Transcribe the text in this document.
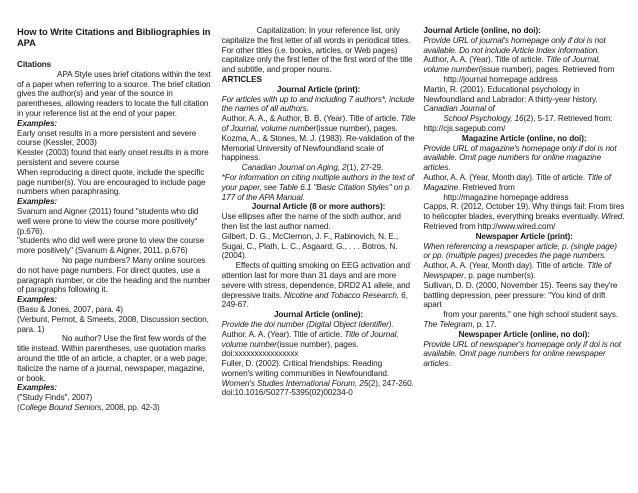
How to Write Citations and Bibliographies in APA

Citations

APA Style uses brief citations within the text of a paper when referring to a source. The brief citation gives the author(s) and year of the source in parentheses, allowing readers to locate the full citation in your reference list at the end of your paper.

Examples:

Early onset results in a more persistent and severe course (Kessler, 2003)

Kessler (2003) found that early onset results in a more persistent and severe course

When reproducing a direct quote, include the specific page number(s). You are encouraged to include page numbers when paraphrasing.

Examples:

Svanum and Aigner (2011) found "students who did well were prone to view the course more positively" (p.676).

"students who did well were prone to view the course more positively" (Svanum & Aigner, 2011, p.676)

No page numbers? Many online sources do not have page numbers. For direct quotes, use a paragraph number, or cite the heading and the number of paragraphs following it.

Examples:

(Basu & Jones, 2007, para. 4)

(Verbunt, Pernot, & Smeets, 2008, Discussion section, para. 1)

No author? Use the first few words of the title instead. Within parentheses, use quotation marks around the title of an article, a chapter, or a web page; Italicize the name of a journal, newspaper, magazine, or book.

Examples:

("Study Finds", 2007)

(College Bound Seniors, 2008, pp. 42-3)

Capitalization: In your reference list, only capitalize the first letter of all words in periodical titles. For other titles (i.e. books, articles, or Web pages) capitalize only the first letter of the first word of the title and subtitle, and proper nouns.

ARTICLES

Journal Article (print):

For articles with up to and including 7 authors*, include the names of all authors.

Author, A. A., & Author, B. B. (Year). Title of article. Title of Journal, volume number(issue number), pages.

Kozma, A., & Stones, M. J. (1983). Re-validation of the Memorial University of Newfoundland scale of happiness.

Canadian Journal on Aging, 2(1), 27-29.

*For information on citing multiple authors in the text of your paper, see Table 6.1 "Basic Citation Styles" on p. 177 of the APA Manual.

Journal Article (8 or more authors):

Use ellipses after the name of the sixth author, and then list the last author named.

Gilbert, D. G., McClernon, J. F., Rabinovich, N. E., Sugai, C., Plath, L. C., Asgaard, G., . . . Botros, N. (2004).

Effects of quitting smoking on EEG activation and attention last for more than 31 days and are more severe with stress, dependence, DRD2 A1 allele, and depressive traits. Nicotine and Tobacco Research, 6, 249-67.

Journal Article (online):

Provide the doi number (Digital Object Identifier).

Author, A. A. (Year). Title of article. Title of Journal, volume number(issue number), pages. doi:xxxxxxxxxxxxxxxx

Fuller, D. (2002). Critical friendships: Reading women's writing communities in Newfoundland. Women's Studies International Forum, 25(2), 247-260. doi:10.1016/S0277-5395(02)00234-0

Journal Article (online, no doi):

Provide URL of journal's homepage only if doi is not available. Do not include Article Index information.

Author, A. A. (Year). Title of article. Title of Journal, volume number(issue number), pages. Retrieved from

http://journal homepage address

Martin, R. (2001). Educational psychology in Newfoundland and Labrador: A thirty-year history. Canadian Journal of

School Psychology, 16(2), 5-17. Retrieved from: http://cjs.sagepub.com/

Magazine Article (online, no doi):

Provide URL of magazine's homepage only if doi is not available. Omit page numbers for online magazine articles.

Author, A. A. (Year, Month day). Title of article. Title of Magazine. Retrieved from

http://magazine homepage address

Capps, R. (2012, October 19). Why things fail: From tires to helicopter blades, everything breaks eventually. Wired. Retrieved from http://www.wired.com/

Newspaper Article (print):

When referencing a newspaper article, p. (single page) or pp. (multiple pages) precedes the page numbers.

Author, A. A. (Year, Month day). Title of article. Title of Newspaper, p. page number(s).

Sullivan, D. D. (2000, November 15). Teens say they're battling depression, peer pressure: "You kind of drift apart

from your parents," one high school student says. The Telegram, p. 17.

Newspaper Article (online, no doi):

Provide URL of newspaper's homepage only if doi is not available. Omit page numbers for online newspaper articles.
